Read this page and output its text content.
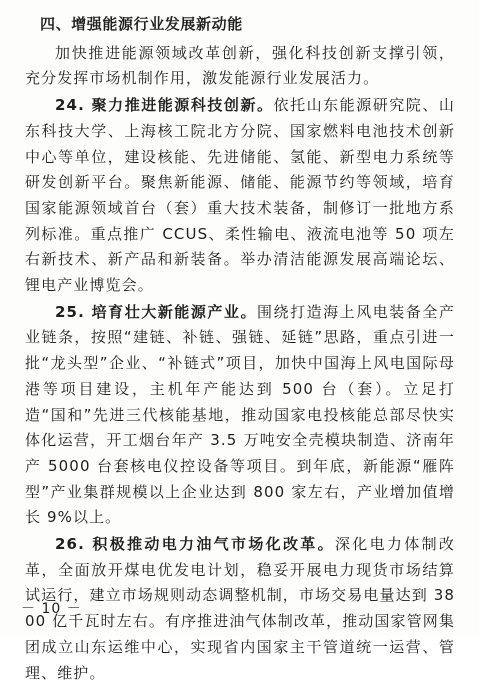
四、增强能源行业发展新动能

加快推进能源领域改革创新，强化科技创新支撑引领，充分发挥市场机制作用，激发能源行业发展活力。

24. 聚力推进能源科技创新。依托山东能源研究院、山东科技大学、上海核工院北方分院、国家燃料电池技术创新中心等单位，建设核能、先进储能、氢能、新型电力系统等研发创新平台。聚焦新能源、储能、能源节约等领域，培育国家能源领域首台（套）重大技术装备，制修订一批地方系列标准。重点推广 CCUS、柔性输电、液流电池等 50 项左右新技术、新产品和新装备。举办清洁能源发展高端论坛、锂电产业博览会。

25. 培育壮大新能源产业。围绕打造海上风电装备全产业链条，按照“建链、补链、强链、延链”思路，重点引进一批“龙头型”企业、“补链式”项目，加快中国海上风电国际母港等项目建设，主机年产能达到 500 台（套）。立足打造“国和”先进三代核能基地，推动国家电投核能总部尽快实体化运营，开工烟台年产 3.5 万吨安全壳模块制造、济南年产 5000 台套核电仪控设备等项目。到年底，新能源“雁阵型”产业集群规模以上企业达到 800 家左右，产业增加值增长 9%以上。

26. 积极推动电力油气市场化改革。深化电力体制改革，全面放开煤电优发电计划，稳妥开展电力现货市场结算试运行，建立市场规则动态调整机制，市场交易电量达到 3800 亿千瓦时左右。有序推进油气体制改革，推动国家管网集团成立山东运维中心，实现省内国家主干管道统一运营、管理、维护。

－ 10 －
